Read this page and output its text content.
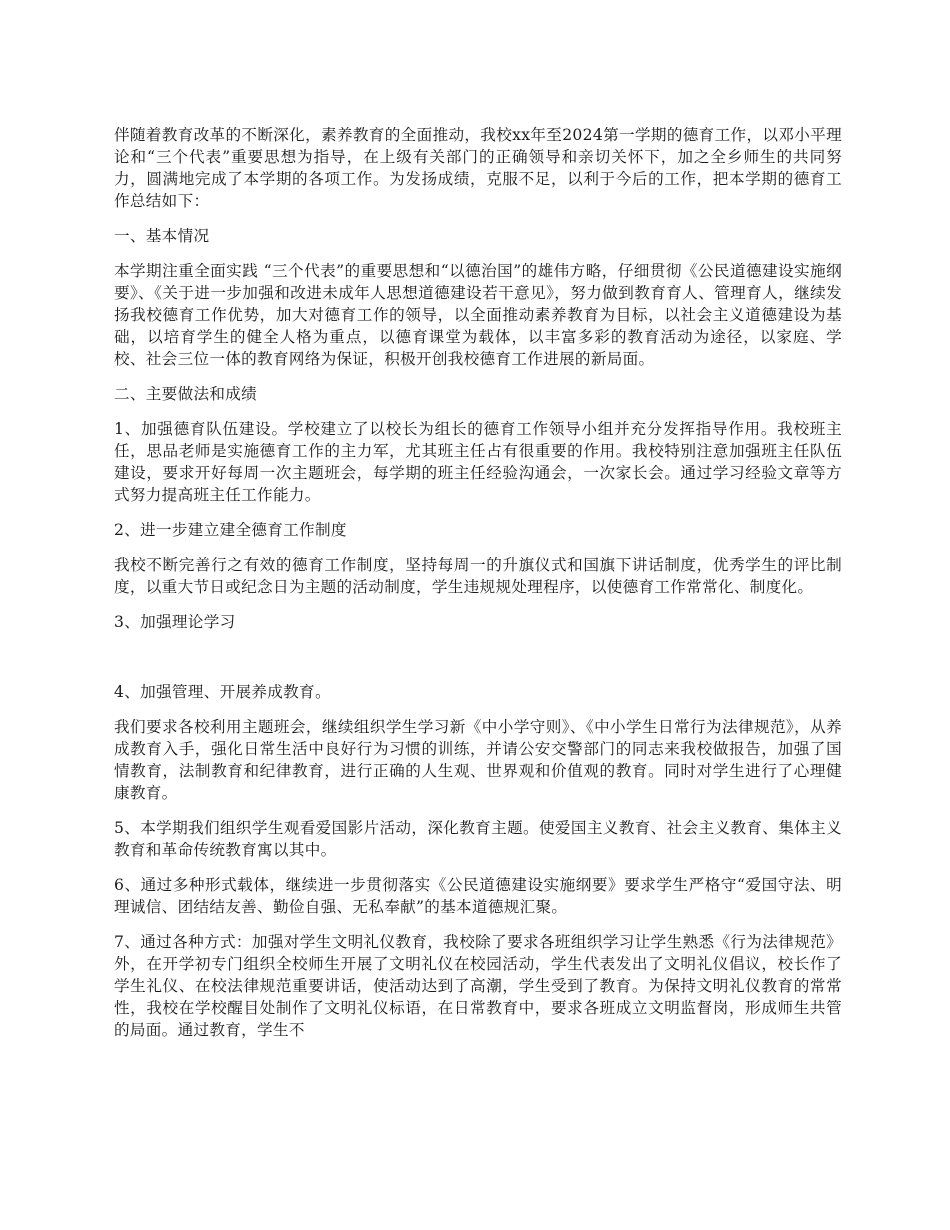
伴随着教育改革的不断深化，素养教育的全面推动，我校xx年至2024第一学期的德育工作，以邓小平理论和“三个代表”重要思想为指导，在上级有关部门的正确领导和亲切关怀下，加之全乡师生的共同努力，圆满地完成了本学期的各项工作。为发扬成绩，克服不足，以利于今后的工作，把本学期的德育工作总结如下：

一、基本情况

本学期注重全面实践 “三个代表”的重要思想和“以德治国”的雄伟方略，仔细贯彻《公民道德建设实施纲要》、《关于进一步加强和改进未成年人思想道德建设若干意见》，努力做到教育育人、管理育人，继续发扬我校德育工作优势，加大对德育工作的领导，以全面推动素养教育为目标，以社会主义道德建设为基础，以培育学生的健全人格为重点，以德育课堂为载体，以丰富多彩的教育活动为途径，以家庭、学校、社会三位一体的教育网络为保证，积极开创我校德育工作进展的新局面。

二、主要做法和成绩

1、加强德育队伍建设。学校建立了以校长为组长的德育工作领导小组并充分发挥指导作用。我校班主任，思品老师是实施德育工作的主力军，尤其班主任占有很重要的作用。我校特别注意加强班主任队伍建设，要求开好每周一次主题班会，每学期的班主任经验沟通会，一次家长会。通过学习经验文章等方式努力提高班主任工作能力。

2、进一步建立建全德育工作制度

我校不断完善行之有效的德育工作制度，坚持每周一的升旗仪式和国旗下讲话制度，优秀学生的评比制度，以重大节日或纪念日为主题的活动制度，学生违规规处理程序，以使德育工作常常化、制度化。

3、加强理论学习

4、加强管理、开展养成教育。

我们要求各校利用主题班会，继续组织学生学习新《中小学守则》、《中小学生日常行为法律规范》，从养成教育入手，强化日常生活中良好行为习惯的训练，并请公安交警部门的同志来我校做报告，加强了国情教育，法制教育和纪律教育，进行正确的人生观、世界观和价值观的教育。同时对学生进行了心理健康教育。

5、本学期我们组织学生观看爱国影片活动，深化教育主题。使爱国主义教育、社会主义教育、集体主义教育和革命传统教育寓以其中。

6、通过多种形式载体，继续进一步贯彻落实《公民道德建设实施纲要》要求学生严格守“爱国守法、明理诚信、团结结友善、勤俭自强、无私奉献”的基本道德规汇聚。

7、通过各种方式：加强对学生文明礼仪教育，我校除了要求各班组织学习让学生熟悉《行为法律规范》外，在开学初专门组织全校师生开展了文明礼仪在校园活动，学生代表发出了文明礼仪倡议，校长作了学生礼仪、在校法律规范重要讲话，使活动达到了高潮，学生受到了教育。为保持文明礼仪教育的常常性，我校在学校醒目处制作了文明礼仪标语，在日常教育中，要求各班成立文明监督岗，形成师生共管的局面。通过教育，学生不
